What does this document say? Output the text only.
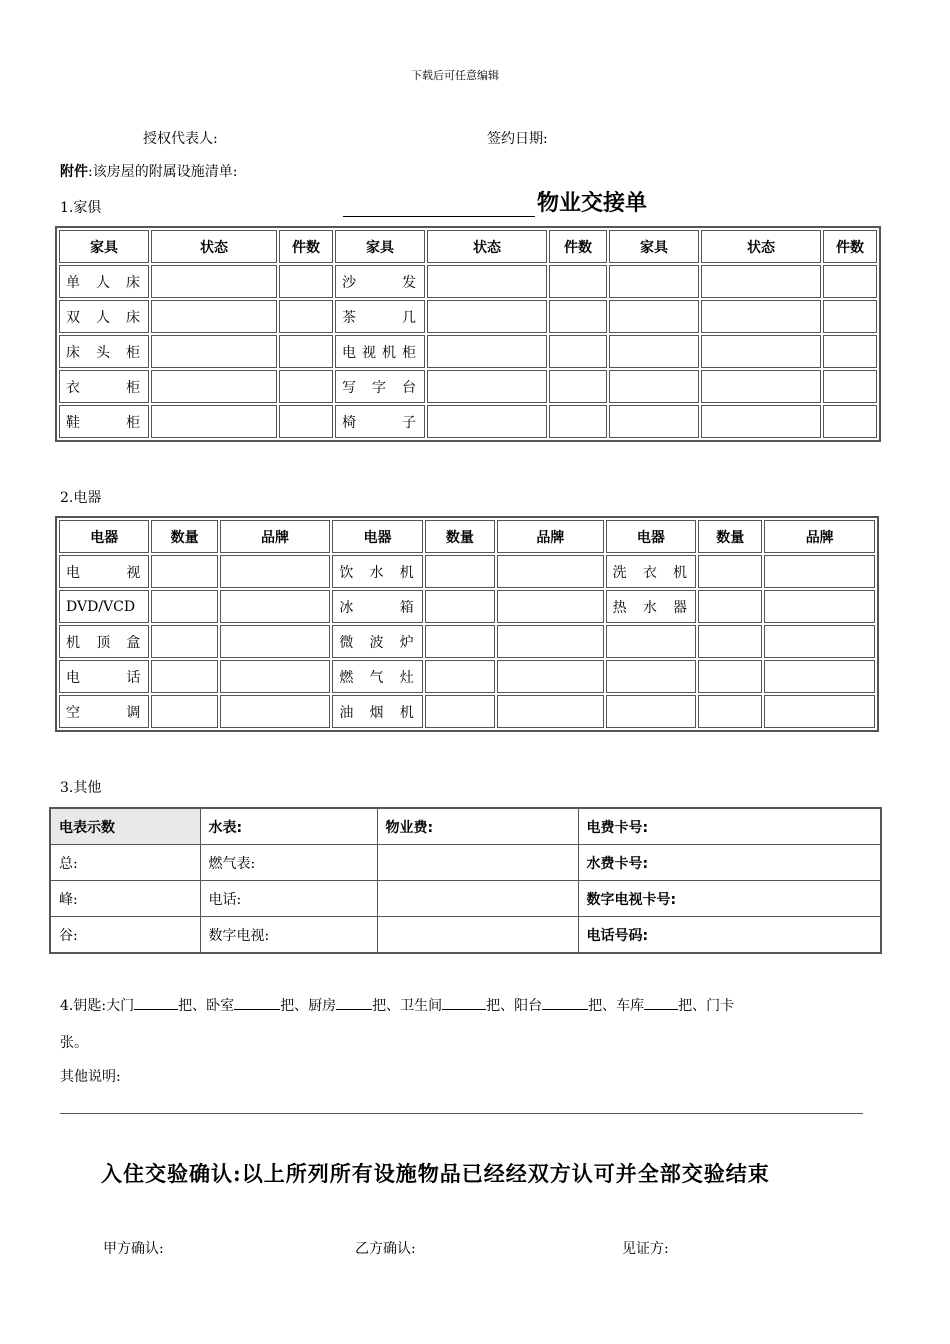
下载后可任意编辑
授权代表人:	签约日期:
附件:该房屋的附属设施清单:
1.家俱	物业交接单
家具	状态	件数	家具	状态	件数	家具	状态	件数
单人床			沙发					
双人床			茶几					
床头柜			电视机柜					
衣柜			写字台					
鞋柜			椅子					
2.电器
电器	数量	品牌	电器	数量	品牌	电器	数量	品牌
电视			饮水机			洗衣机		
DVD/VCD			冰箱			热水器		
机顶盒			微波炉					
电话			燃气灶					
空调			油烟机					
3.其他
电表示数	水表:	物业费:	电费卡号:
总:	燃气表:		水费卡号:
峰:	电话:		数字电视卡号:
谷:	数字电视:		电话号码:
4.钥匙:大门	把、卧室	把、厨房	把、卫生间	把、阳台	把、车库 把、门卡
张。
其他说明:
入住交验确认:以上所列所有设施物品已经经双方认可并全部交验结束
甲方确认:	乙方确认:	见证方:
